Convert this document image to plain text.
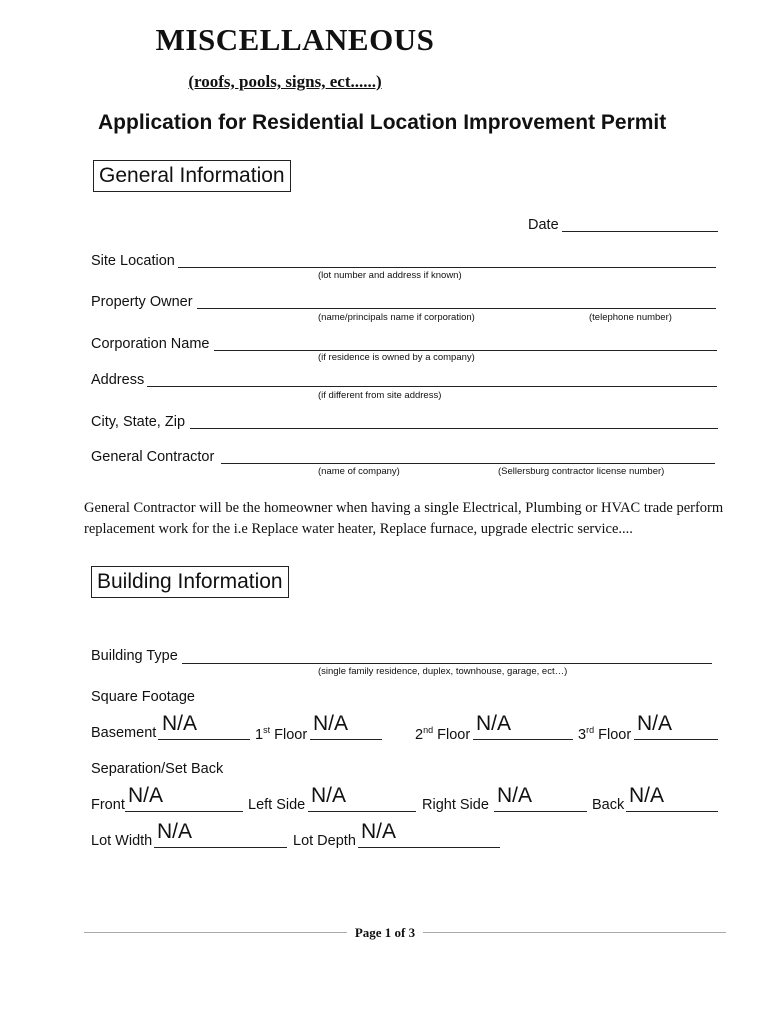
MISCELLANEOUS
(roofs, pools, signs, ect......)
Application for Residential Location Improvement Permit
General Information
Date
Site Location
(lot number and address if known)
Property Owner
(name/principals name if corporation)	(telephone number)
Corporation Name
(if residence is owned by a company)
Address
(if different from site address)
City, State, Zip
General Contractor
(name of company)	(Sellersburg contractor license number)
General Contractor will be the homeowner when having a single Electrical, Plumbing or HVAC trade perform replacement work for the i.e Replace water heater, Replace furnace, upgrade electric service....
Building Information
Building Type
(single family residence, duplex, townhouse, garage, ect…)
Square Footage
Basement N/A	1st Floor N/A	2nd Floor N/A	3rd Floor N/A
Separation/Set Back
Front N/A	Left Side N/A	Right Side N/A	Back N/A
Lot Width N/A	Lot Depth N/A
Page 1 of 3
